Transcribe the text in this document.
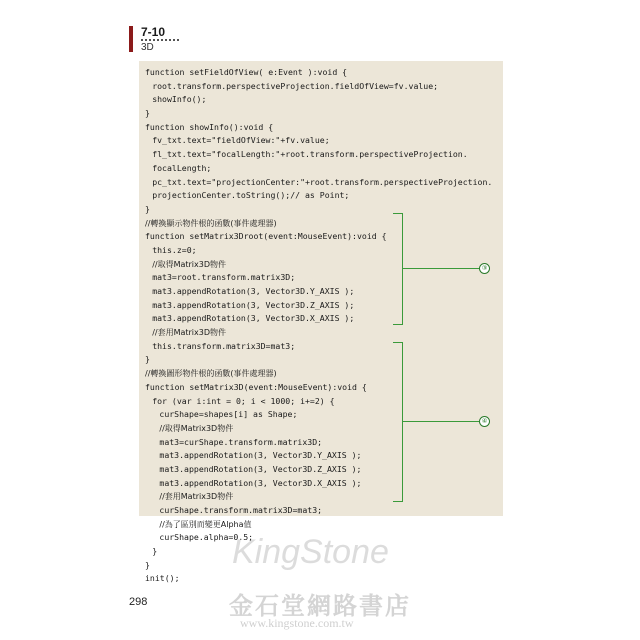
7-10
3D
function setFieldOfView( e:Event ):void {
root.transform.perspectiveProjection.fieldOfView=fv.value;
showInfo();
}
function showInfo():void {
fv_txt.text="fieldOfView:"+fv.value;
fl_txt.text="focalLength:"+root.transform.perspectiveProjection.
focalLength;
pc_txt.text="projectionCenter:"+root.transform.perspectiveProjection.
projectionCenter.toString();// as Point;
}
//轉換顯示物件根的函數(事件處理器)
function setMatrix3Droot(event:MouseEvent):void {
this.z=0;
//取得Matrix3D物件
mat3=root.transform.matrix3D;
mat3.appendRotation(3, Vector3D.Y_AXIS );
mat3.appendRotation(3, Vector3D.Z_AXIS );
mat3.appendRotation(3, Vector3D.X_AXIS );
//套用Matrix3D物件
this.transform.matrix3D=mat3;
}
//轉換圖形物件根的函數(事件處理器)
function setMatrix3D(event:MouseEvent):void {
for (var i:int = 0; i < 1000; i+=2) {
curShape=shapes[i] as Shape;
//取得Matrix3D物件
mat3=curShape.transform.matrix3D;
mat3.appendRotation(3, Vector3D.Y_AXIS );
mat3.appendRotation(3, Vector3D.Z_AXIS );
mat3.appendRotation(3, Vector3D.X_AXIS );
//套用Matrix3D物件
curShape.transform.matrix3D=mat3;
//為了區別而變更Alpha值
curShape.alpha=0.5;
}
}
init();
③
④
298
KingStone
金石堂網路書店
www.kingstone.com.tw
